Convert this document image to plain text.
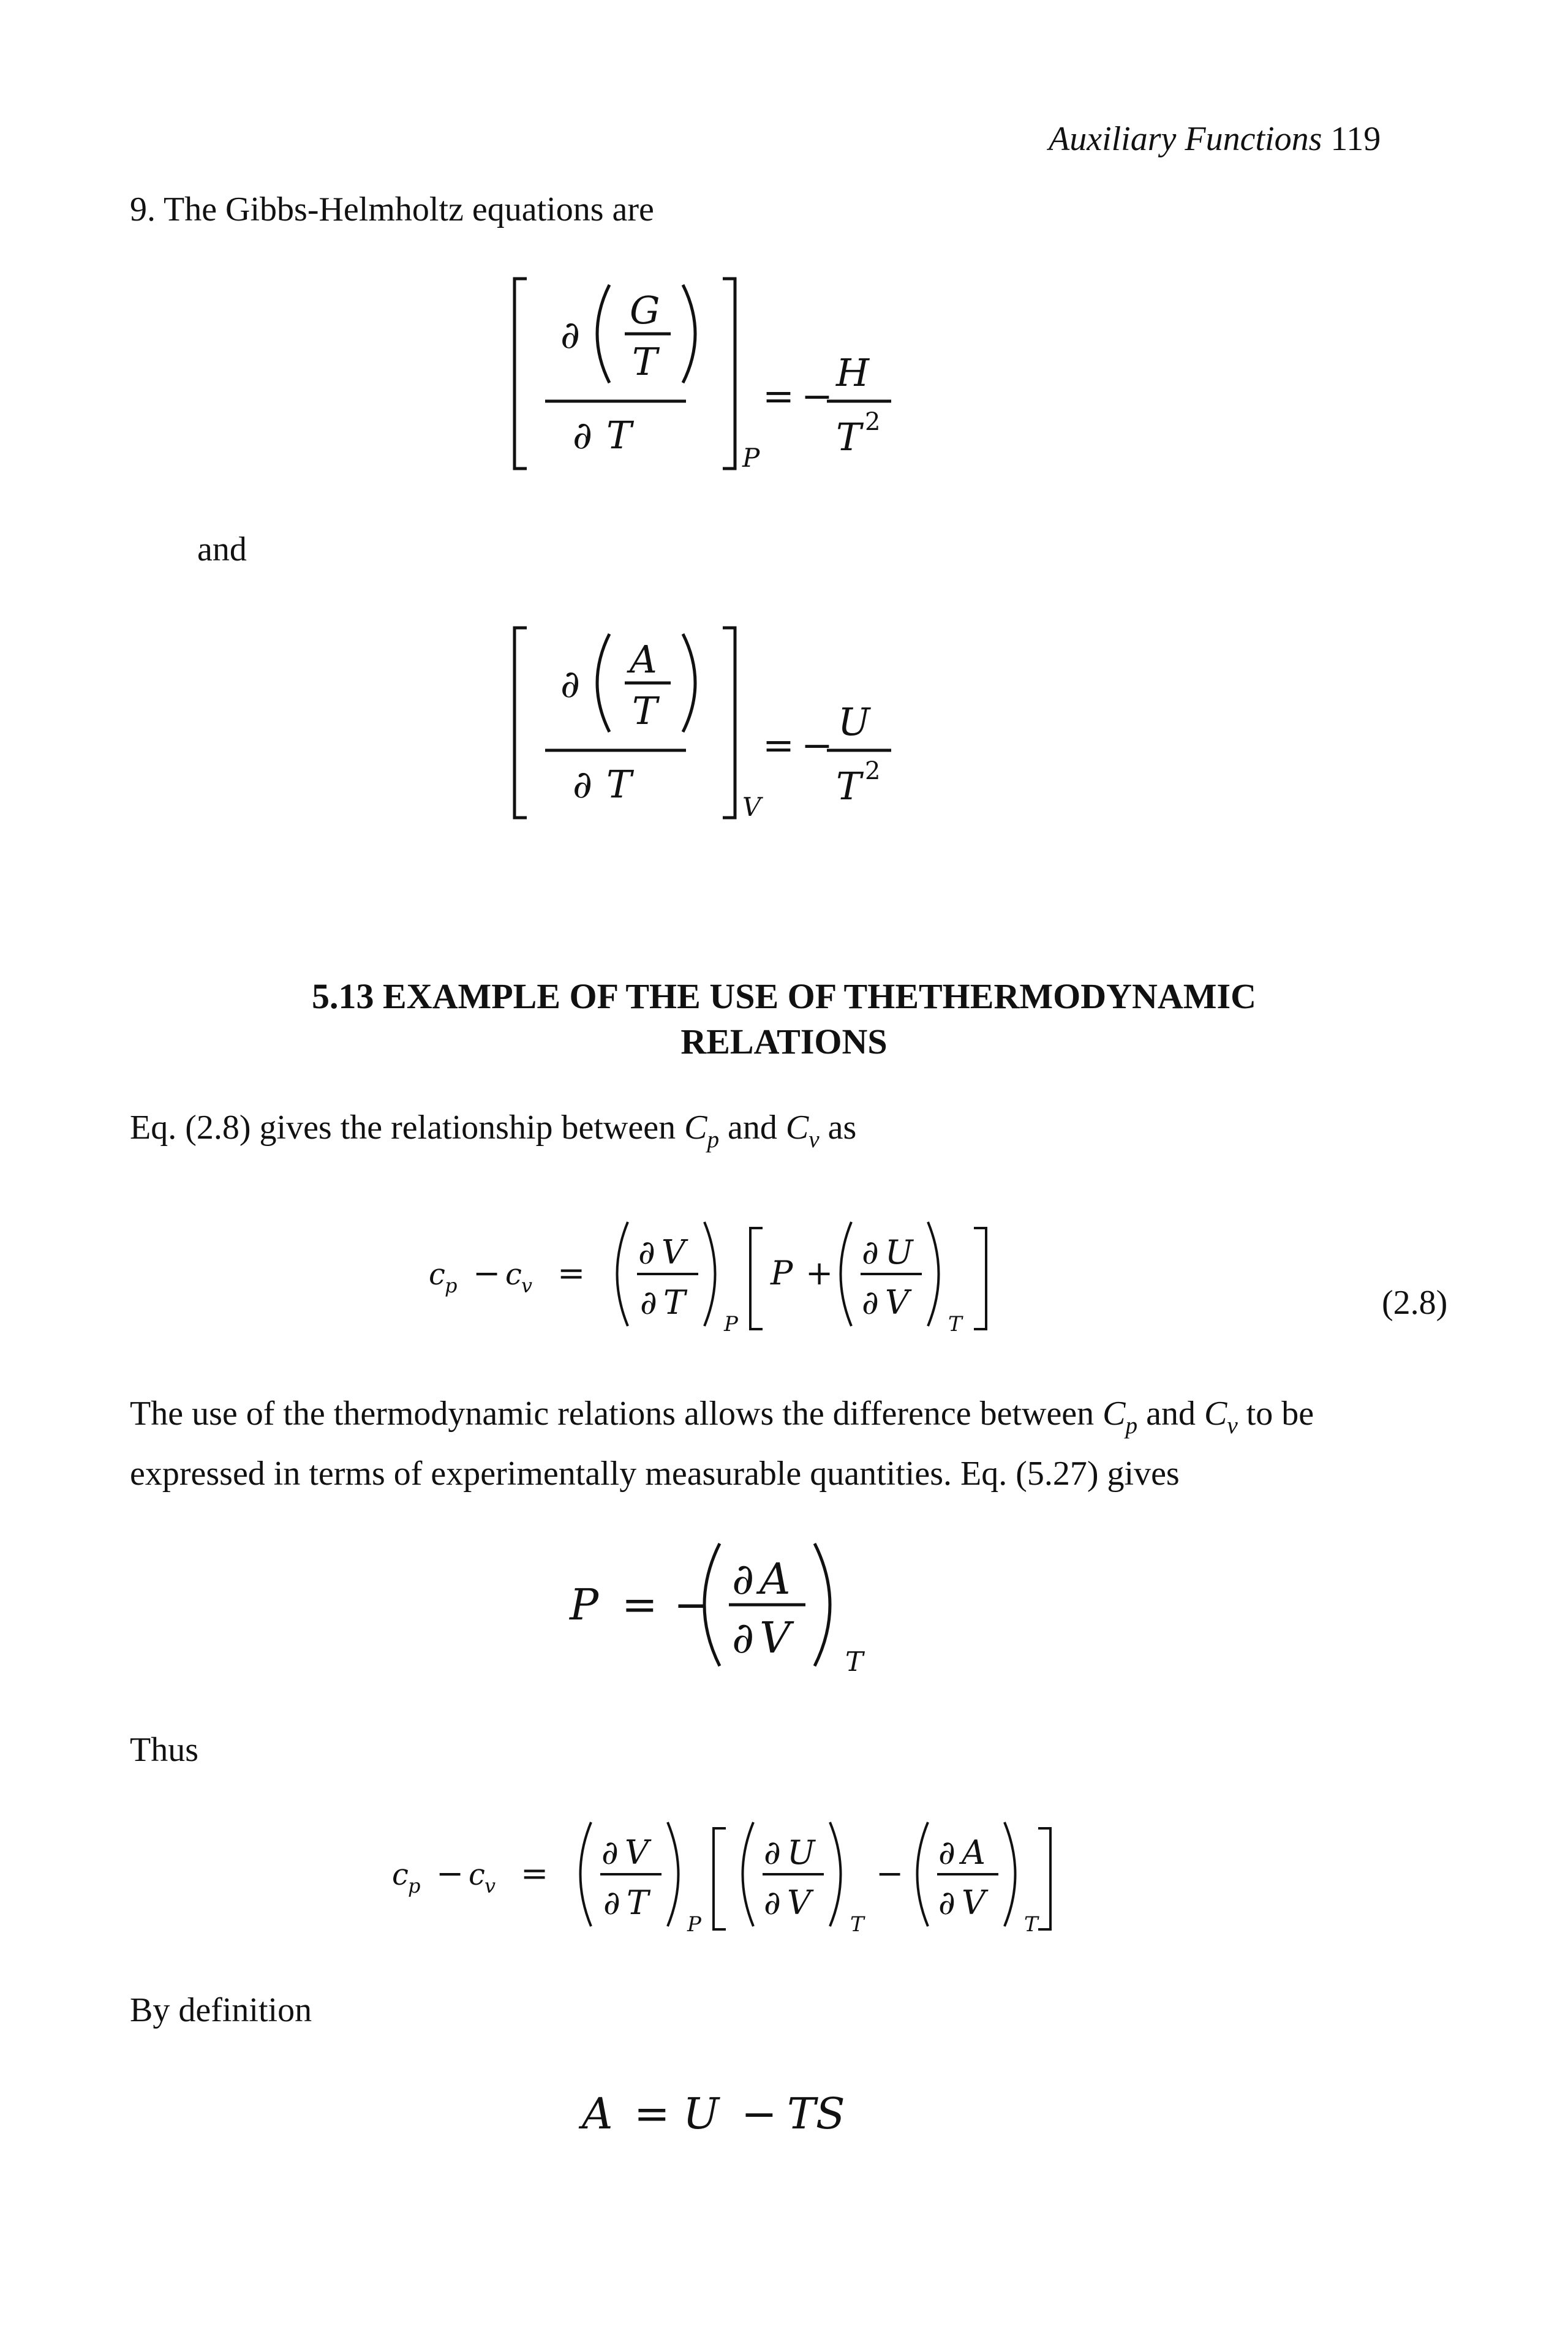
Auxiliary Functions 119
9. The Gibbs-Helmholtz equations are
∂
G
T
∂ T
P
= −
H
T 2
and
∂
A
T
∂ T
V
= −
U
T 2
5.13 EXAMPLE OF THE USE OF THETHERMODYNAMIC
RELATIONS
Eq. (2.8) gives the relationship between $C_p$ and $C_v$ as
c p − c v =
∂ V
∂ T
P
P +
∂ U
∂ V
T
(2.8)
The use of the thermodynamic relations allows the difference between $C_p$ and $C_v$ to be
expressed in terms of experimentally measurable quantities. Eq. (5.27) gives
P = −
∂ A
∂ V T
Thus
c p − c v =
∂ V
∂ T
P
∂ U
∂ V
T
−
∂ A
∂ V
T
By definition
A = U − TS
